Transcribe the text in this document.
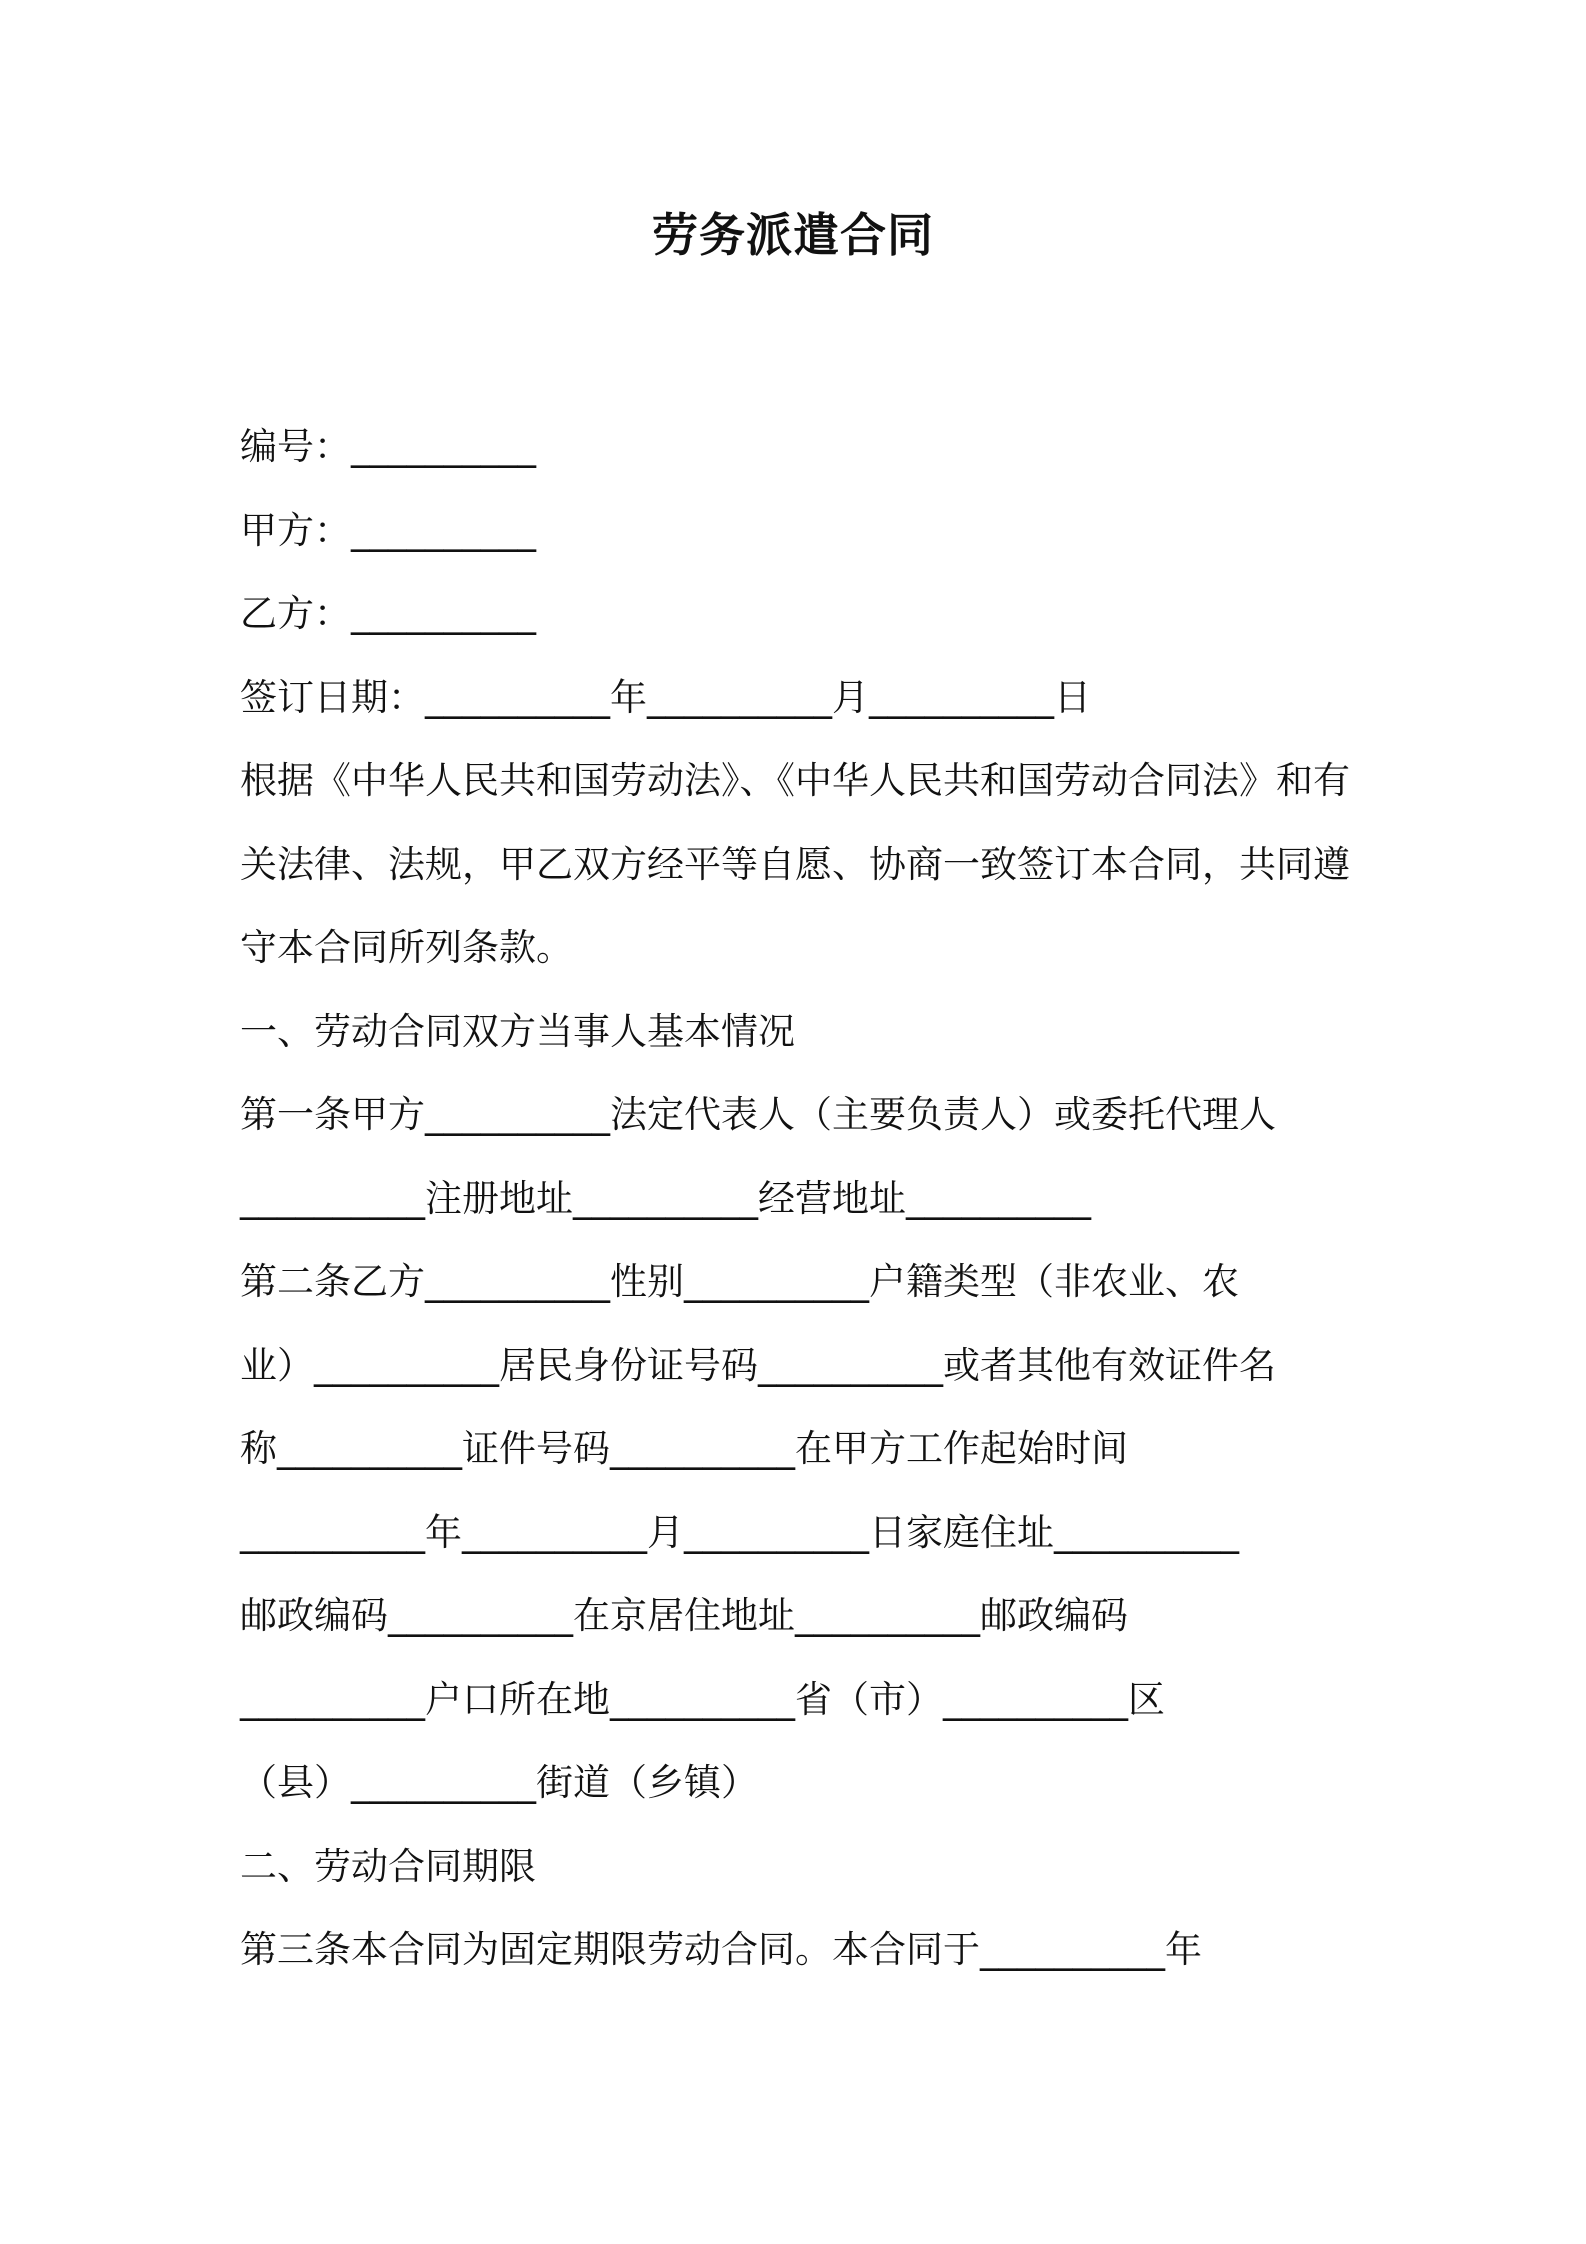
劳务派遣合同
编号：__________
甲方：__________
乙方：__________
签订日期：__________年__________月__________日
根据《中华人民共和国劳动法》、《中华人民共和国劳动合同法》和有
关法律、法规，甲乙双方经平等自愿、协商一致签订本合同，共同遵
守本合同所列条款。
一、劳动合同双方当事人基本情况
第一条甲方__________法定代表人（主要负责人）或委托代理人
__________注册地址__________经营地址__________
第二条乙方__________性别__________户籍类型（非农业、农
业）__________居民身份证号码__________或者其他有效证件名
称__________证件号码__________在甲方工作起始时间
__________年__________月__________日家庭住址__________
邮政编码__________在京居住地址__________邮政编码
__________户口所在地__________省（市）__________区
（县）__________街道（乡镇）
二、劳动合同期限
第三条本合同为固定期限劳动合同。本合同于__________年
